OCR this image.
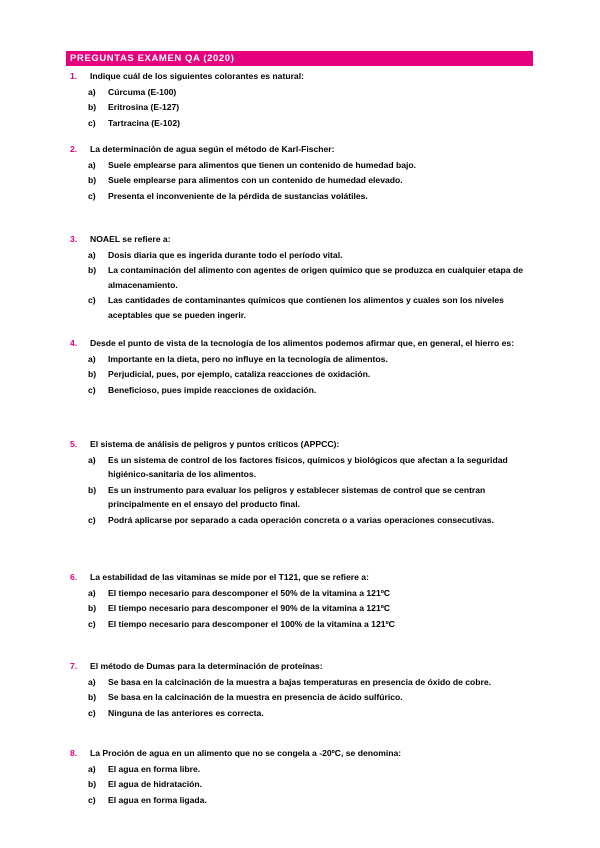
PREGUNTAS EXAMEN QA (2020)
1. Indique cuál de los siguientes colorantes es natural:
a) Cúrcuma (E-100)
b) Eritrosina (E-127)
c) Tartracina (E-102)
2. La determinación de agua según el método de Karl-Fischer:
a) Suele emplearse para alimentos que tienen un contenido de humedad bajo.
b) Suele emplearse para alimentos con un contenido de humedad elevado.
c) Presenta el inconveniente de la pérdida de sustancias volátiles.
3. NOAEL se refiere a:
a) Dosis diaria que es ingerida durante todo el período vital.
b) La contaminación del alimento con agentes de origen químico que se produzca en cualquier etapa de almacenamiento.
c) Las cantidades de contaminantes químicos que contienen los alimentos y cuales son los niveles aceptables que se pueden ingerir.
4. Desde el punto de vista de la tecnología de los alimentos podemos afirmar que, en general, el hierro es:
a) Importante en la dieta, pero no influye en la tecnología de alimentos.
b) Perjudicial, pues, por ejemplo, cataliza reacciones de oxidación.
c) Beneficioso, pues impide reacciones de oxidación.
5. El sistema de análisis de peligros y puntos críticos (APPCC):
a) Es un sistema de control de los factores físicos, químicos y biológicos que afectan a la seguridad higiénico-sanitaria de los alimentos.
b) Es un instrumento para evaluar los peligros y establecer sistemas de control que se centran principalmente en el ensayo del producto final.
c) Podrá aplicarse por separado a cada operación concreta o a varias operaciones consecutivas.
6. La estabilidad de las vitaminas se mide por el T121, que se refiere a:
a) El tiempo necesario para descomponer el 50% de la vitamina a 121ºC
b) El tiempo necesario para descomponer el 90% de la vitamina a 121ºC
c) El tiempo necesario para descomponer el 100% de la vitamina a 121ºC
7. El método de Dumas para la determinación de proteínas:
a) Se basa en la calcinación de la muestra a bajas temperaturas en presencia de óxido de cobre.
b) Se basa en la calcinación de la muestra en presencia de ácido sulfúrico.
c) Ninguna de las anteriores es correcta.
8. La Proción de agua en un alimento que no se congela a -20ºC, se denomina:
a) El agua en forma libre.
b) El agua de hidratación.
c) El agua en forma ligada.
